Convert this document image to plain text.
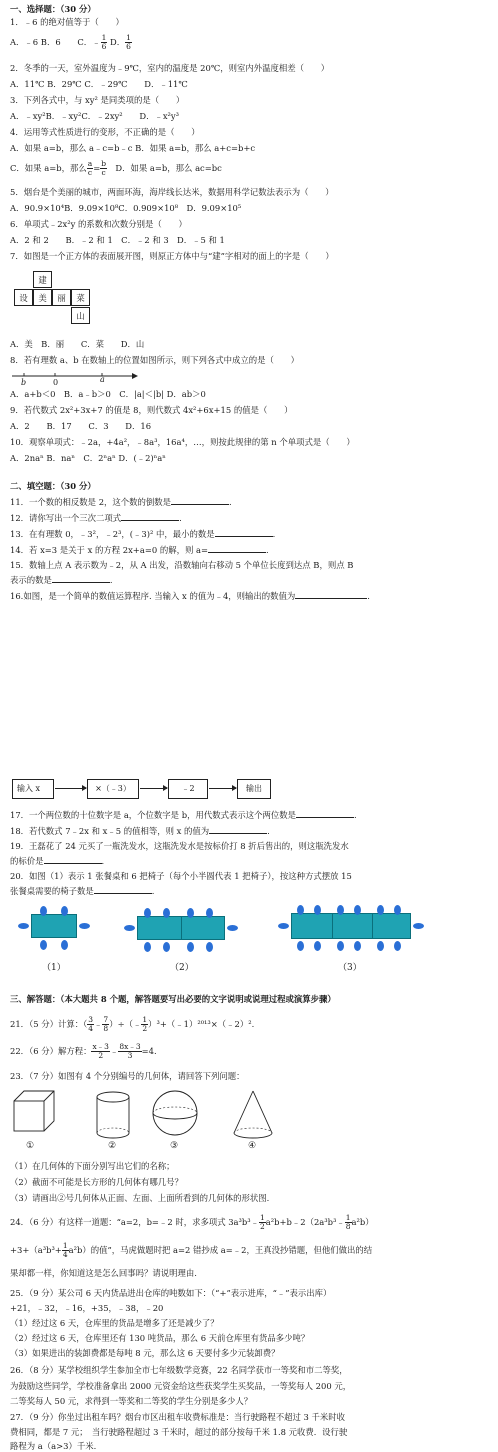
一、选择题：（30 分）
1．﹣6 的绝对值等于（　　）
A．﹣6 B．6　　C．﹣ $\frac{1}{6}$ D． $\frac{1}{6}$
2．冬季的一天，室外温度为﹣9℃，室内的温度是 20℃，则室内外温度相差（　　）
A．11℃ B．29℃ C．﹣29℃　　D．﹣11℃
3．下列各式中，与 xy² 是同类项的是（　　）
A．﹣xy²B．﹣xy²C．﹣2xy²　　D．﹣x²y³
4．运用等式性质进行的变形，不正确的是（　　）
A．如果 a=b，那么 a﹣c=b﹣c B．如果 a=b，那么 a+c=b+c
C．如果 a=b，那么 $\frac{a}{c} = \frac{b}{c}$ 　D．如果 a=b，那么 ac=bc
5．烟台是个美丽的城市，两面环海，海岸线长达米，数据用科学记数法表示为（　　）
A．90.9×10⁴B．9.09×10⁸C．0.909×10⁸　D．9.09×10⁵
6．单项式﹣2x²y 的系数和次数分别是（　　）
A．2 和 2　　B．﹣2 和 1　C．﹣2 和 3　D．﹣5 和 1
7．如图是一个正方体的表面展开图，则原正方体中与“建”字相对的面上的字是（　　）
建
设	美	丽	菜
山
A．美　B．丽　　C．菜　　D．山
8．若有理数 a、b 在数轴上的位置如图所示，则下列各式中成立的是（　　）
b	0	a
A．a+b＜0　B．a﹣b＞0　C．|a|＜|b| D．ab＞0
9．若代数式 2x²+3x+7 的值是 8，则代数式 4x²+6x+15 的值是（　　）
A．2　　B．17　　C．3　　D．16
10．观察单项式：﹣2a，+4a²，﹣8a³，16a⁴，…，则按此规律的第 n 个单项式是（　　）
A．2naⁿ B．naⁿ　C．2ⁿaⁿ D．(﹣2)ⁿaⁿ
二、填空题：（30 分）
11．一个数的相反数是 2，这个数的倒数是	.
12．请你写出一个三次二项式	.
13．在有理数 0，﹣3²，﹣2³，(﹣3)² 中，最小的数是	.
14．若 x=3 是关于 x 的方程 2x+a=0 的解，则 a=	.
15．数轴上点 A 表示数为﹣2，从 A 出发，沿数轴向右移动 5 个单位长度到达点 B，则点 B
表示的数是	.
16.如图，是一个简单的数值运算程序. 当输入 x 的值为﹣4，则输出的数值为	.
输入 x	×（﹣3）	﹣2	输出
17．一个两位数的十位数字是 a，个位数字是 b，用代数式表示这个两位数是	.
18．若代数式 7﹣2x 和 x﹣5 的值相等，则 x 的值为	.
19．王磊花了 24 元买了一瓶洗发水，这瓶洗发水是按标价打 8 折后售出的，则这瓶洗发水
的标价是	.
20．如图（1）表示 1 张餐桌和 6 把椅子（每个小半圆代表 1 把椅子），按这种方式摆放 15
张餐桌需要的椅子数是	.
（1）	（2）	（3）
三、解答题：（本大题共 8 个题，解答题要写出必要的文字说明或说理过程或演算步骤）
21．（5 分）计算：（ $\frac{3}{4}$ ﹣ $\frac{7}{8}$ ）÷（﹣ $\frac{1}{2}$ ）³+（﹣1）²⁰¹³×（﹣2）².
22．（6 分）解方程： $\frac{x﹣3}{2}$ ﹣ $\frac{8x﹣3}{3} =4$.
23．（7 分）如图有 4 个分别编号的几何体，请回答下列问题：
①	②	③	④
（1）在几何体的下面分别写出它们的名称；
（2）截面不可能是长方形的几何体有哪几号？
（3）请画出②号几何体从正面、左面、上面所看到的几何体的形状图.
24．（6 分）有这样一道题：“a=2，b=﹣2 时，求多项式 3a³b³﹣ $\frac{1}{2}$ a²b+b﹣2（2a³b³﹣ $\frac{1}{8} a^2b$）
$+3+(a^3b^3+ \frac{1}{4} a^2b)$的值”，马虎做题时把 a=2 错抄成 a=﹣2，王真没抄错题，但他们做出的结
果却都一样，你知道这是怎么回事吗？请说明理由.
25．（9 分）某公司 6 天内货品进出仓库的吨数如下：（“+”表示进库，“﹣”表示出库）
+21，﹣32，﹣16，+35，﹣38，﹣20
（1）经过这 6 天，仓库里的货品是增多了还是减少了？
（2）经过这 6 天，仓库里还有 130 吨货品，那么 6 天前仓库里有货品多少吨？
（3）如果进出的装卸费都是每吨 8 元，那么这 6 天要付多少元装卸费？
26．（8 分）某学校组织学生参加全市七年级数学竞赛，22 名同学获市一等奖和市二等奖，
为鼓励这些同学，学校准备拿出 2000 元资金给这些获奖学生买奖品，一等奖每人 200 元，
二等奖每人 50 元，求得到一等奖和二等奖的学生分别是多少人？
27．（9 分）你坐过出租车吗？烟台市区出租车收费标准是：当行驶路程不超过 3 千米时收
费相同，都是 7 元；　当行驶路程超过 3 千米时，超过的部分按每千米 1.8 元收费．设行驶
路程为 a（a>3）千米.
